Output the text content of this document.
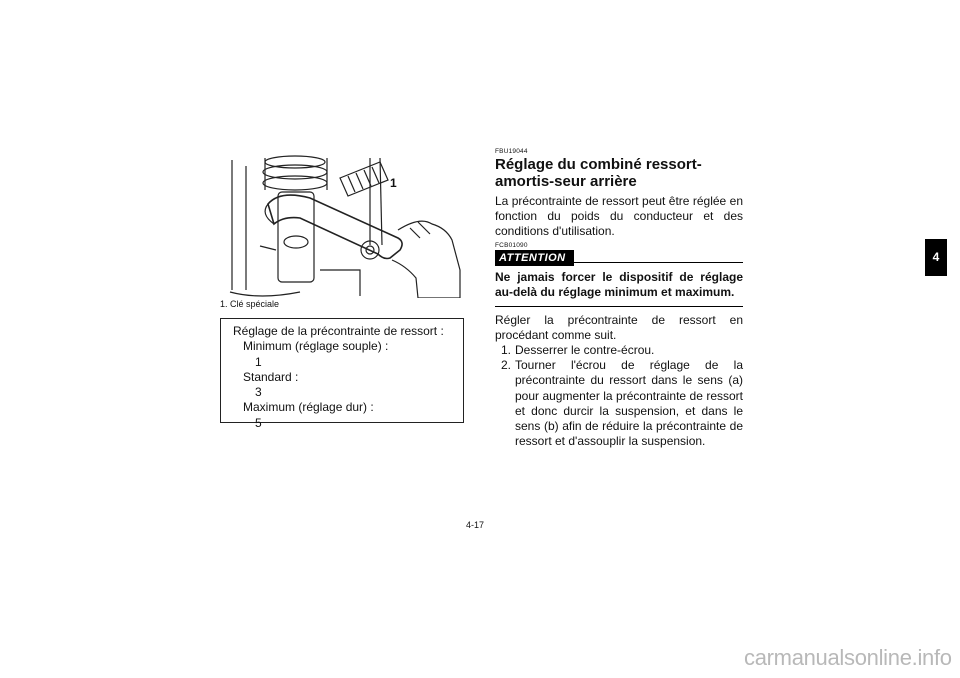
1
1. Clé spéciale
Réglage de la précontrainte de ressort :
Minimum (réglage souple) :
1
Standard :
3
Maximum (réglage dur) :
5
FBU19044
Réglage du combiné ressort-amortis-seur arrière
La précontrainte de ressort peut être réglée en fonction du poids du conducteur et des conditions d'utilisation.
FCB01090
ATTENTION
Ne jamais forcer le dispositif de réglage au-delà du réglage minimum et maximum.
Régler la précontrainte de ressort en procédant comme suit.
1. Desserrer le contre-écrou.
2. Tourner l'écrou de réglage de la précontrainte du ressort dans le sens (a) pour augmenter la précontrainte de ressort et donc durcir la suspension, et dans le sens (b) afin de réduire la précontrainte de ressort et d'assouplir la suspension.
4
4-17
carmanualsonline.info
